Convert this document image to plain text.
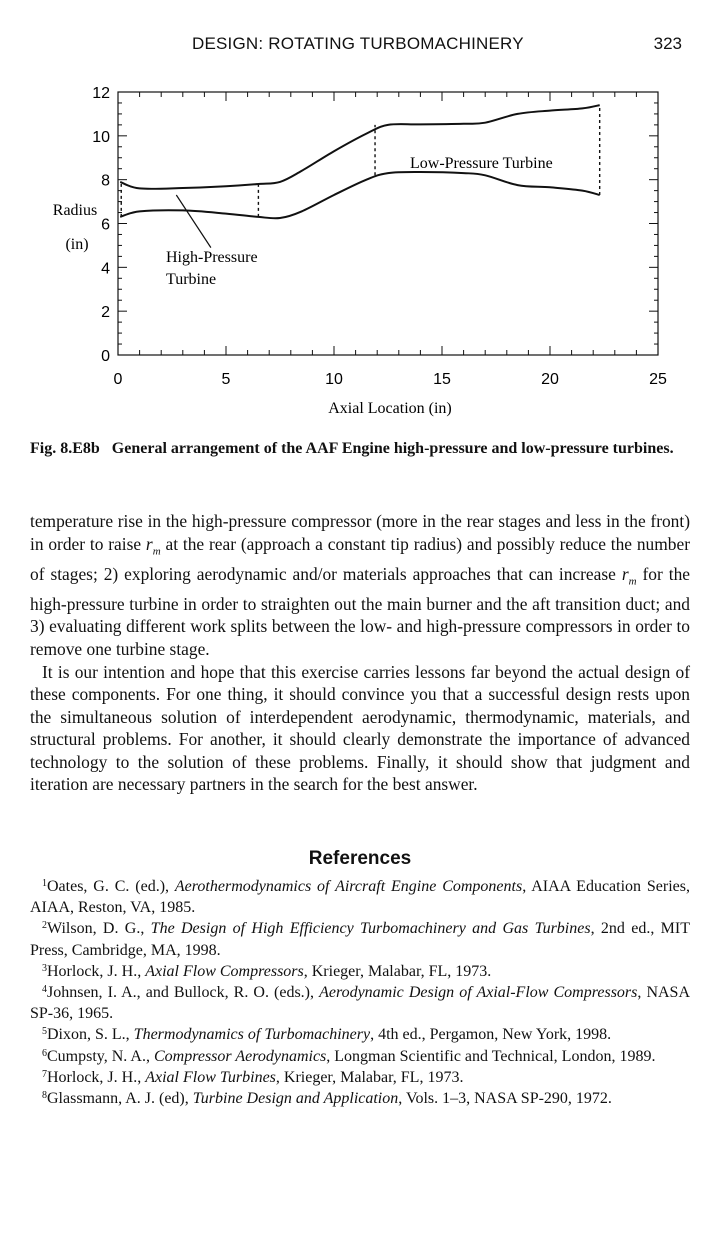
DESIGN: ROTATING TURBOMACHINERY	323
0	5	10	15	20	25
0
2
4
6
8
10
12
Axial Location (in)
Radius
(in)
Low-Pressure Turbine
High-Pressure
Turbine
Fig. 8.E8b General arrangement of the AAF Engine high-pressure and low-pressure turbines.

temperature rise in the high-pressure compressor (more in the rear stages and less in the front) in order to raise $r_m$ at the rear (approach a constant tip radius) and possibly reduce the number of stages; 2) exploring aerodynamic and/or materials approaches that can increase $r_m$ for the high-pressure turbine in order to straighten out the main burner and the aft transition duct; and 3) evaluating different work splits between the low- and high-pressure compressors in order to remove one turbine stage.

It is our intention and hope that this exercise carries lessons far beyond the actual design of these components. For one thing, it should convince you that a successful design rests upon the simultaneous solution of interdependent aerodynamic, thermodynamic, materials, and structural problems. For another, it should clearly demonstrate the importance of advanced technology to the solution of these problems. Finally, it should show that judgment and iteration are necessary partners in the search for the best answer.

References

$^1$Oates, G. C. (ed.), Aerothermodynamics of Aircraft Engine Components, AIAA Education Series, AIAA, Reston, VA, 1985.

$^2$Wilson, D. G., The Design of High Efficiency Turbomachinery and Gas Turbines, 2nd ed., MIT Press, Cambridge, MA, 1998.

$^3$Horlock, J. H., Axial Flow Compressors, Krieger, Malabar, FL, 1973.

$^4$Johnsen, I. A., and Bullock, R. O. (eds.), Aerodynamic Design of Axial-Flow Compressors, NASA SP-36, 1965.

$^5$Dixon, S. L., Thermodynamics of Turbomachinery, 4th ed., Pergamon, New York, 1998.

$^6$Cumpsty, N. A., Compressor Aerodynamics, Longman Scientific and Technical, London, 1989.

$^7$Horlock, J. H., Axial Flow Turbines, Krieger, Malabar, FL, 1973.

$^8$Glassmann, A. J. (ed), Turbine Design and Application, Vols. 1–3, NASA SP-290, 1972.
